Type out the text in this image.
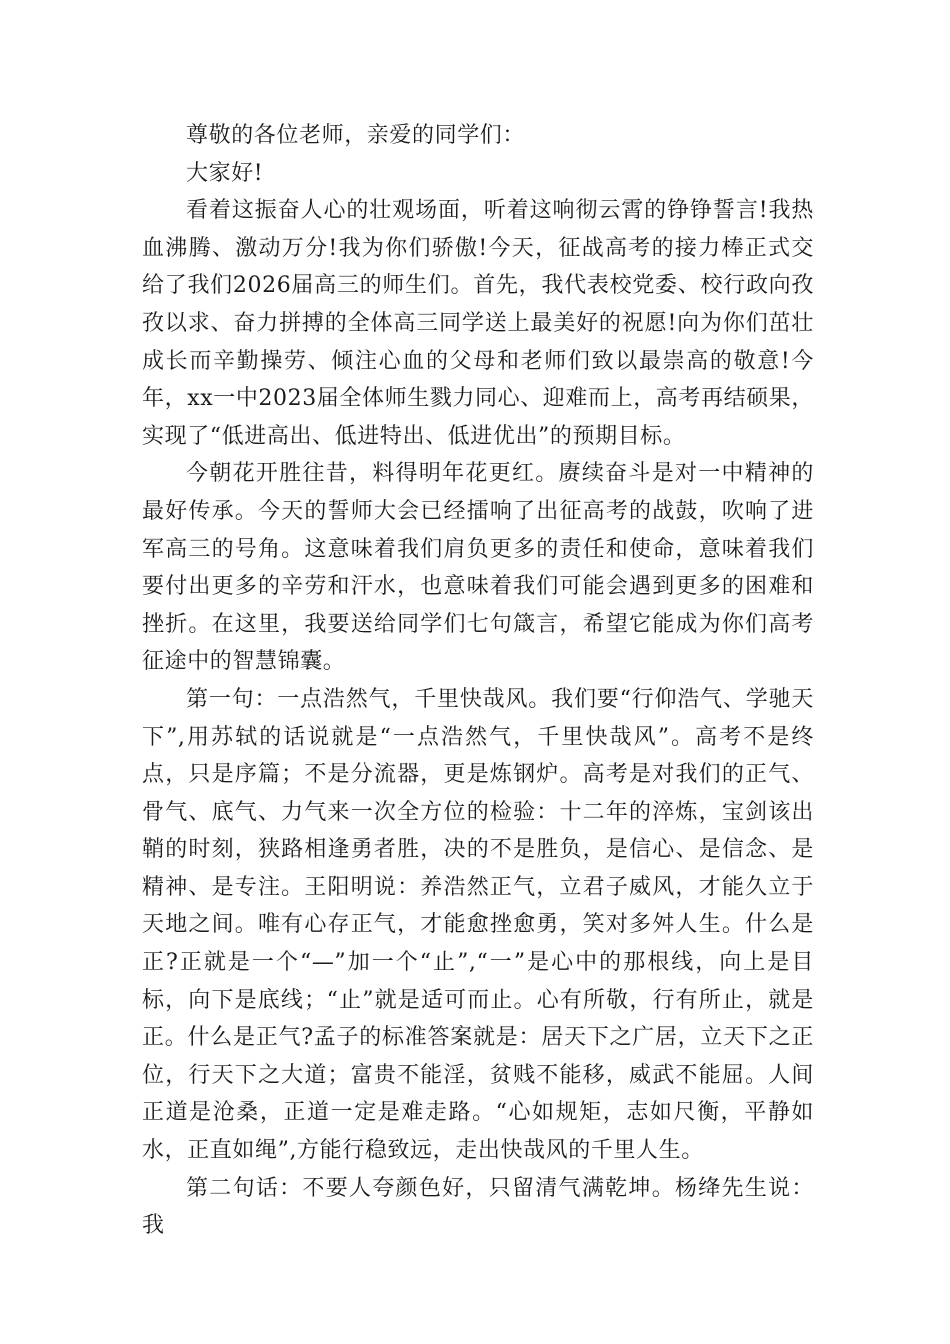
尊敬的各位老师，亲爱的同学们：

大家好!

看着这振奋人心的壮观场面，听着这响彻云霄的铮铮誓言!我热血沸腾、激动万分!我为你们骄傲!今天，征战高考的接力棒正式交给了我们2026届高三的师生们。首先，我代表校党委、校行政向孜孜以求、奋力拼搏的全体高三同学送上最美好的祝愿!向为你们茁壮成长而辛勤操劳、倾注心血的父母和老师们致以最崇高的敬意!今年，xx一中2023届全体师生戮力同心、迎难而上，高考再结硕果，实现了“低进高出、低进特出、低进优出”的预期目标。

今朝花开胜往昔，料得明年花更红。赓续奋斗是对一中精神的最好传承。今天的誓师大会已经擂响了出征高考的战鼓，吹响了进军高三的号角。这意味着我们肩负更多的责任和使命，意味着我们要付出更多的辛劳和汗水，也意味着我们可能会遇到更多的困难和挫折。在这里，我要送给同学们七句箴言，希望它能成为你们高考征途中的智慧锦囊。

第一句：一点浩然气，千里快哉风。我们要“行仰浩气、学驰天下”,用苏轼的话说就是“一点浩然气，千里快哉风”。高考不是终点，只是序篇；不是分流器，更是炼钢炉。高考是对我们的正气、骨气、底气、力气来一次全方位的检验：十二年的淬炼，宝剑该出鞘的时刻，狭路相逢勇者胜，决的不是胜负，是信心、是信念、是精神、是专注。王阳明说：养浩然正气，立君子威风，才能久立于天地之间。唯有心存正气，才能愈挫愈勇，笑对多舛人生。什么是正?正就是一个“—”加一个“止”,“一”是心中的那根线，向上是目标，向下是底线；“止”就是适可而止。心有所敬，行有所止，就是正。什么是正气?孟子的标准答案就是：居天下之广居，立天下之正位，行天下之大道；富贵不能淫，贫贱不能移，威武不能屈。人间正道是沧桑，正道一定是难走路。“心如规矩，志如尺衡，平静如水，正直如绳”,方能行稳致远，走出快哉风的千里人生。

第二句话：不要人夸颜色好，只留清气满乾坤。杨绛先生说：我
